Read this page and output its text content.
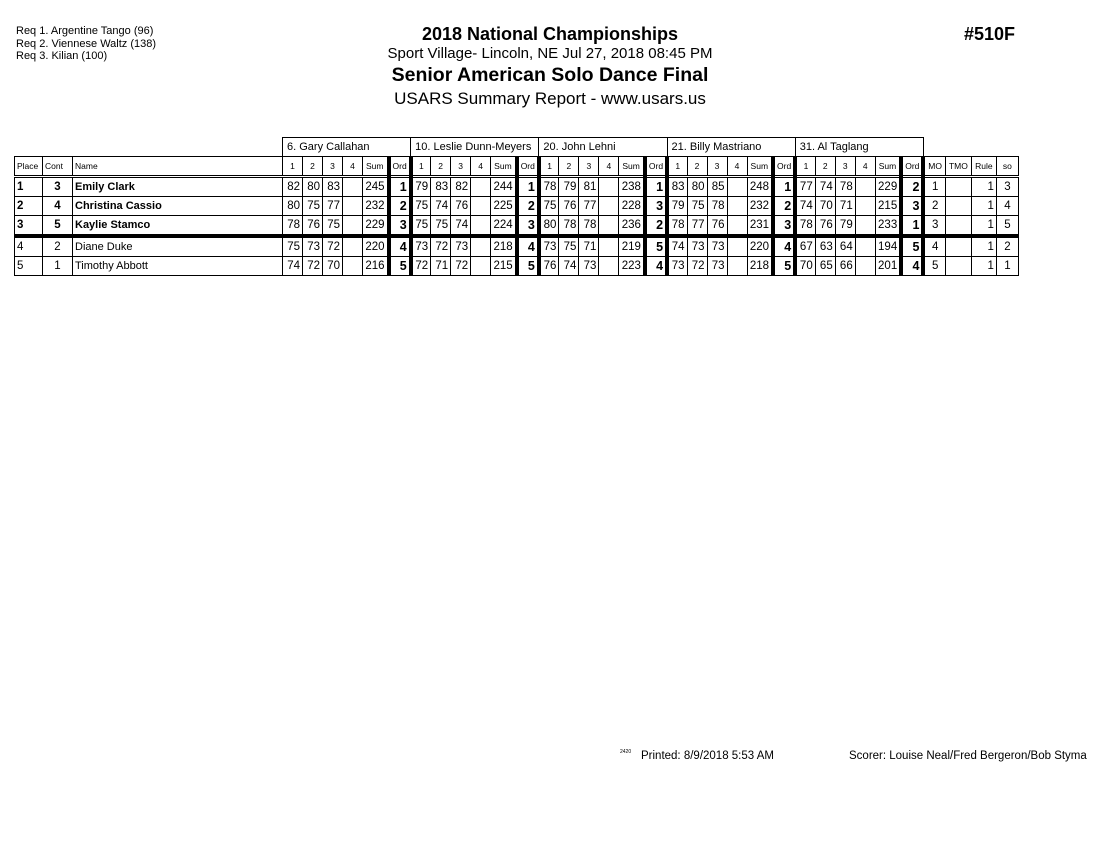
Req 1. Argentine Tango (96)
Req 2. Viennese Waltz (138)
Req 3. Kilian (100)
2018 National Championships
Sport Village- Lincoln, NE Jul 27, 2018 08:45 PM
Senior American Solo Dance Final
USARS Summary Report - www.usars.us
#510F
			6. Gary Callahan						10. Leslie Dunn-Meyers						20. John Lehni						21. Billy Mastriano						31. Al Taglang									
Place	Cont	Name	1	2	3	4	Sum	Ord	1	2	3	4	Sum	Ord	1	2	3	4	Sum	Ord	1	2	3	4	Sum	Ord	1	2	3	4	Sum	Ord	MO	TMO	Rule	so
1	3	Emily Clark	82	80	83		245	1	79	83	82		244	1	78	79	81		238	1	83	80	85		248	1	77	74	78		229	2	1		1	3
2	4	Christina Cassio	80	75	77		232	2	75	74	76		225	2	75	76	77		228	3	79	75	78		232	2	74	70	71		215	3	2		1	4
3	5	Kaylie Stamco	78	76	75		229	3	75	75	74		224	3	80	78	78		236	2	78	77	76		231	3	78	76	79		233	1	3		1	5
4	2	Diane Duke	75	73	72		220	4	73	72	73		218	4	73	75	71		219	5	74	73	73		220	4	67	63	64		194	5	4		1	2
5	1	Timothy Abbott	74	72	70		216	5	72	71	72		215	5	76	74	73		223	4	73	72	73		218	5	70	65	66		201	4	5		1	1
2420 Printed: 8/9/2018 5:53 AM	Scorer: Louise Neal/Fred Bergeron/Bob Styma
